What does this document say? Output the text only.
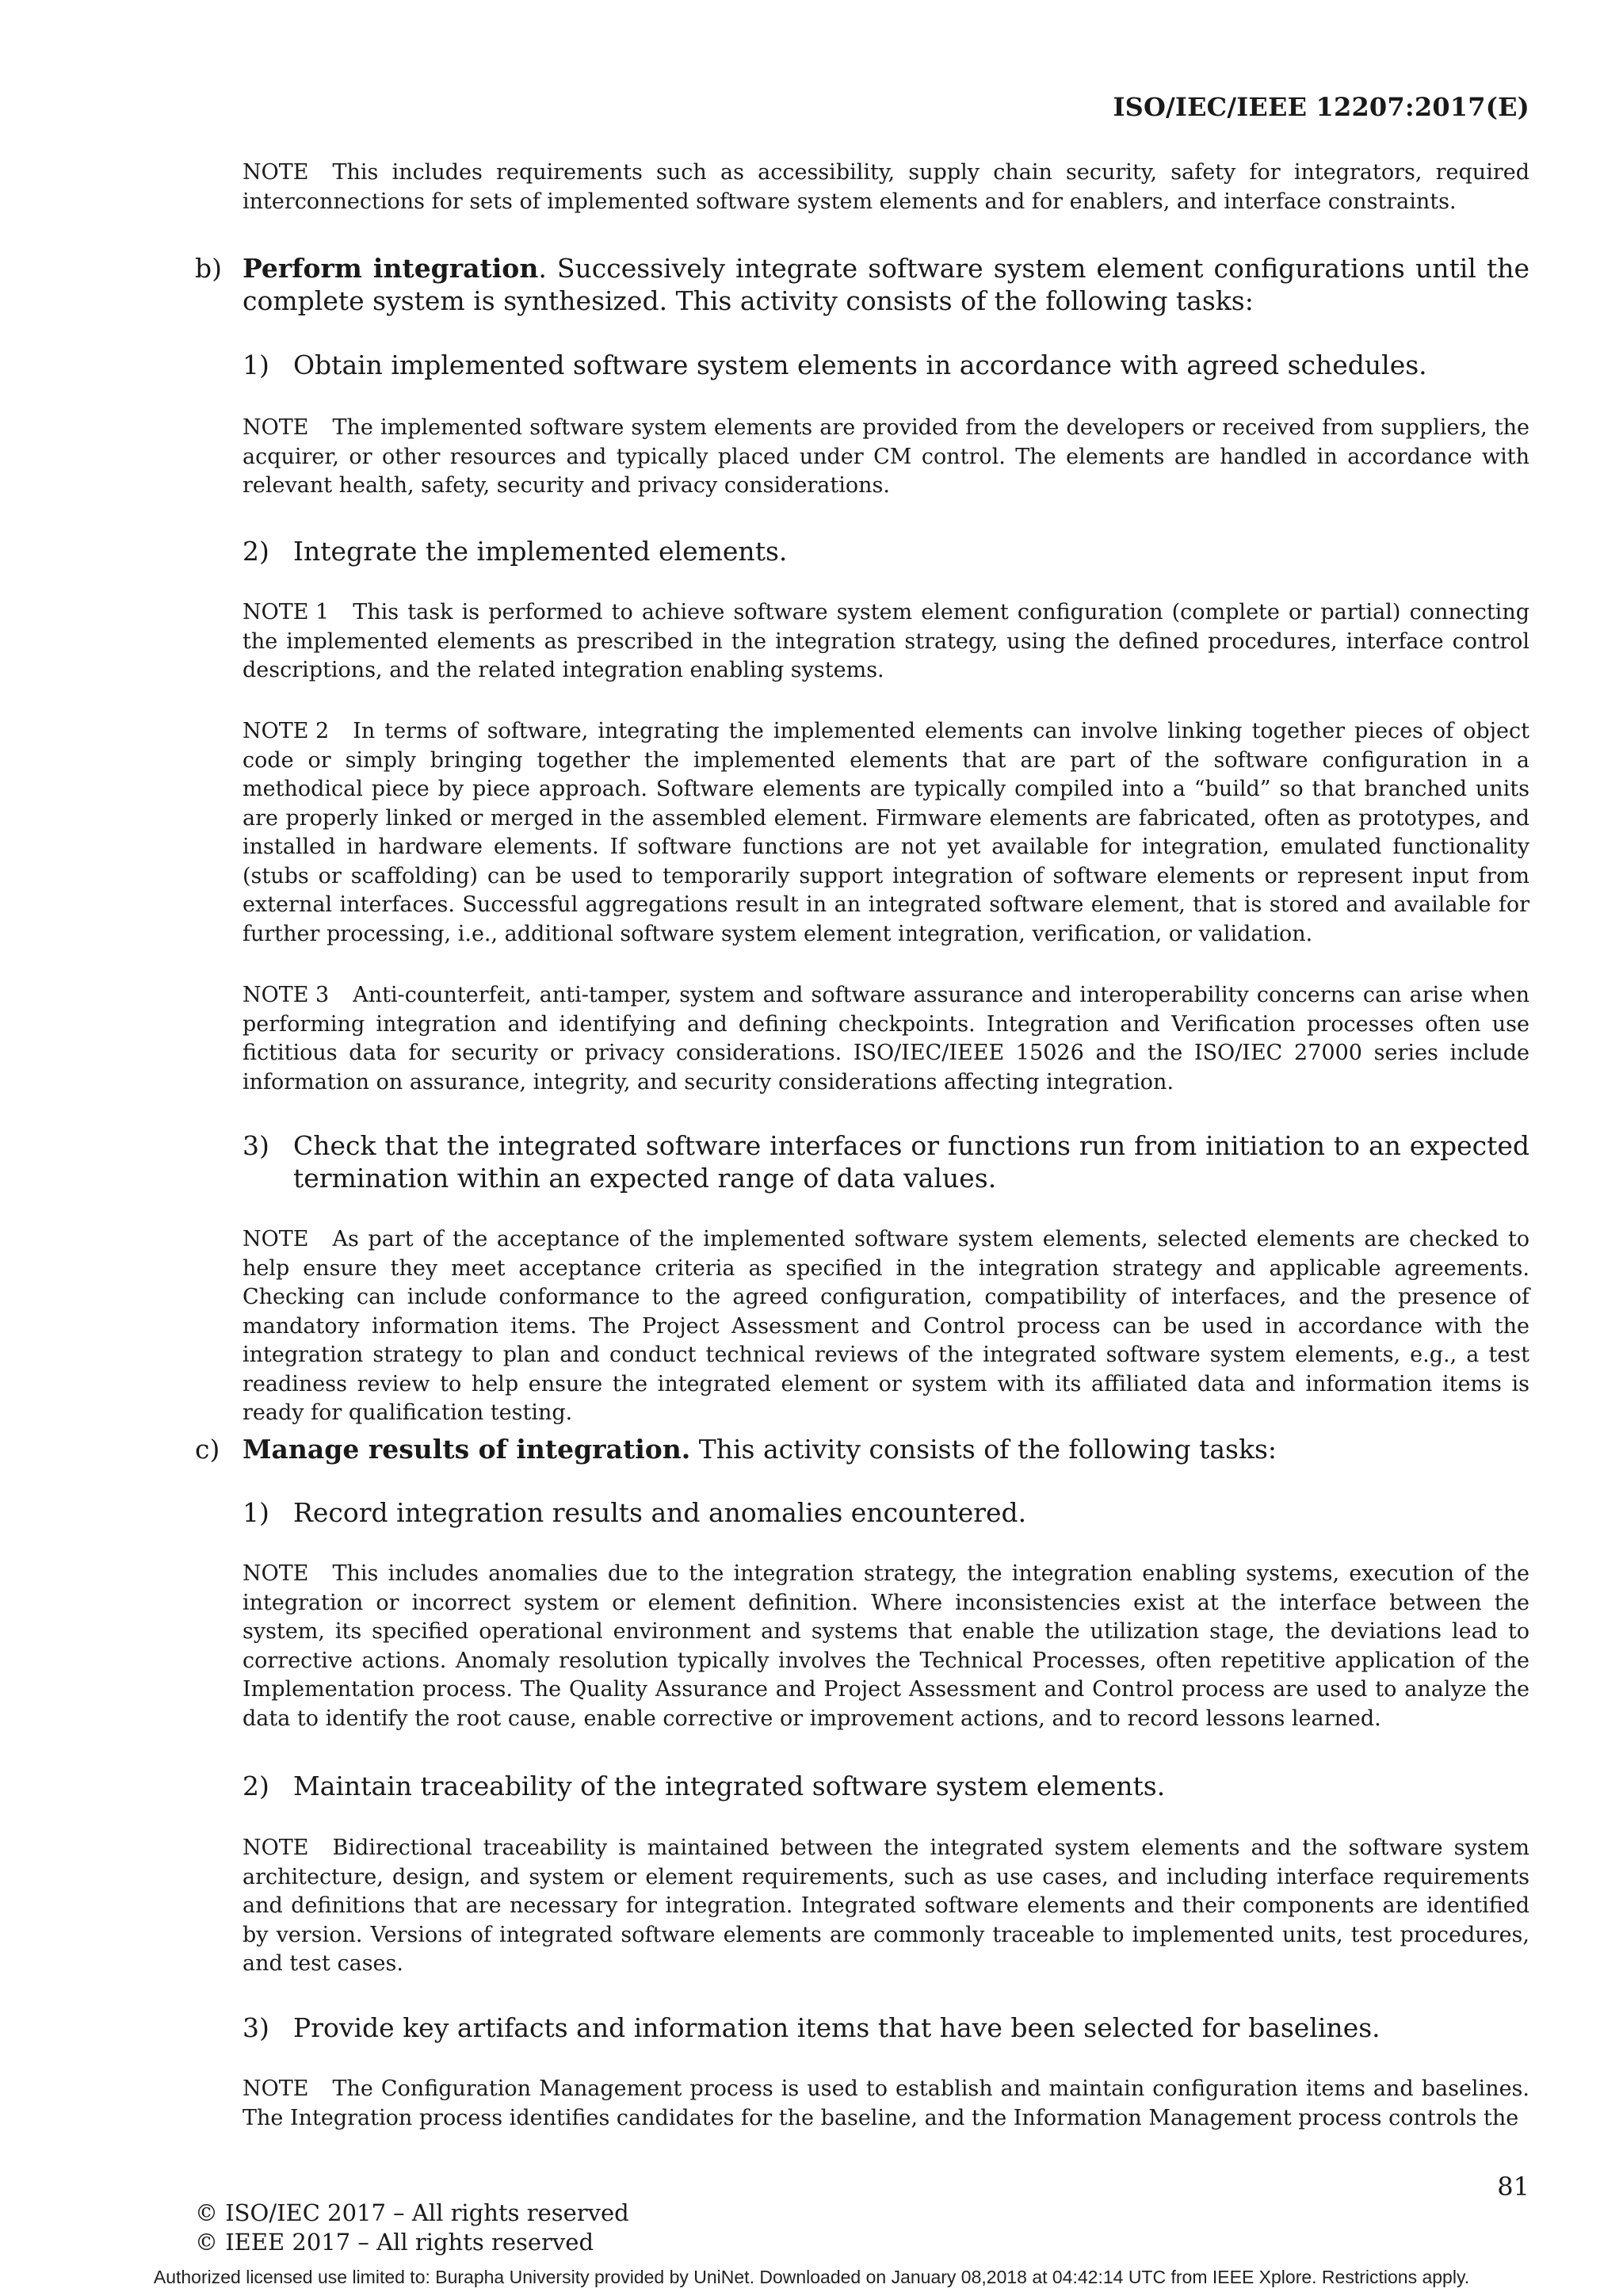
ISO/IEC/IEEE 12207:2017(E)
NOTE This includes requirements such as accessibility, supply chain security, safety for integrators, required interconnections for sets of implemented software system elements and for enablers, and interface constraints.
b) Perform integration. Successively integrate software system element configurations until the complete system is synthesized. This activity consists of the following tasks:
1) Obtain implemented software system elements in accordance with agreed schedules.
NOTE The implemented software system elements are provided from the developers or received from suppliers, the acquirer, or other resources and typically placed under CM control. The elements are handled in accordance with relevant health, safety, security and privacy considerations.
2) Integrate the implemented elements.
NOTE 1 This task is performed to achieve software system element configuration (complete or partial) connecting the implemented elements as prescribed in the integration strategy, using the defined procedures, interface control descriptions, and the related integration enabling systems.
NOTE 2 In terms of software, integrating the implemented elements can involve linking together pieces of object code or simply bringing together the implemented elements that are part of the software configuration in a methodical piece by piece approach. Software elements are typically compiled into a “build” so that branched units are properly linked or merged in the assembled element. Firmware elements are fabricated, often as prototypes, and installed in hardware elements. If software functions are not yet available for integration, emulated functionality (stubs or scaffolding) can be used to temporarily support integration of software elements or represent input from external interfaces. Successful aggregations result in an integrated software element, that is stored and available for further processing, i.e., additional software system element integration, verification, or validation.
NOTE 3 Anti-counterfeit, anti-tamper, system and software assurance and interoperability concerns can arise when performing integration and identifying and defining checkpoints. Integration and Verification processes often use fictitious data for security or privacy considerations. ISO/IEC/IEEE 15026 and the ISO/IEC 27000 series include information on assurance, integrity, and security considerations affecting integration.
3) Check that the integrated software interfaces or functions run from initiation to an expected termination within an expected range of data values.
NOTE As part of the acceptance of the implemented software system elements, selected elements are checked to help ensure they meet acceptance criteria as specified in the integration strategy and applicable agreements. Checking can include conformance to the agreed configuration, compatibility of interfaces, and the presence of mandatory information items. The Project Assessment and Control process can be used in accordance with the integration strategy to plan and conduct technical reviews of the integrated software system elements, e.g., a test readiness review to help ensure the integrated element or system with its affiliated data and information items is ready for qualification testing.
c) Manage results of integration. This activity consists of the following tasks:
1) Record integration results and anomalies encountered.
NOTE This includes anomalies due to the integration strategy, the integration enabling systems, execution of the integration or incorrect system or element definition. Where inconsistencies exist at the interface between the system, its specified operational environment and systems that enable the utilization stage, the deviations lead to corrective actions. Anomaly resolution typically involves the Technical Processes, often repetitive application of the Implementation process. The Quality Assurance and Project Assessment and Control process are used to analyze the data to identify the root cause, enable corrective or improvement actions, and to record lessons learned.
2) Maintain traceability of the integrated software system elements.
NOTE Bidirectional traceability is maintained between the integrated system elements and the software system architecture, design, and system or element requirements, such as use cases, and including interface requirements and definitions that are necessary for integration. Integrated software elements and their components are identified by version. Versions of integrated software elements are commonly traceable to implemented units, test procedures, and test cases.
3) Provide key artifacts and information items that have been selected for baselines.
NOTE The Configuration Management process is used to establish and maintain configuration items and baselines. The Integration process identifies candidates for the baseline, and the Information Management process controls the
81
© ISO/IEC 2017 – All rights reserved
© IEEE 2017 – All rights reserved
Authorized licensed use limited to: Burapha University provided by UniNet. Downloaded on January 08,2018 at 04:42:14 UTC from IEEE Xplore. Restrictions apply.
